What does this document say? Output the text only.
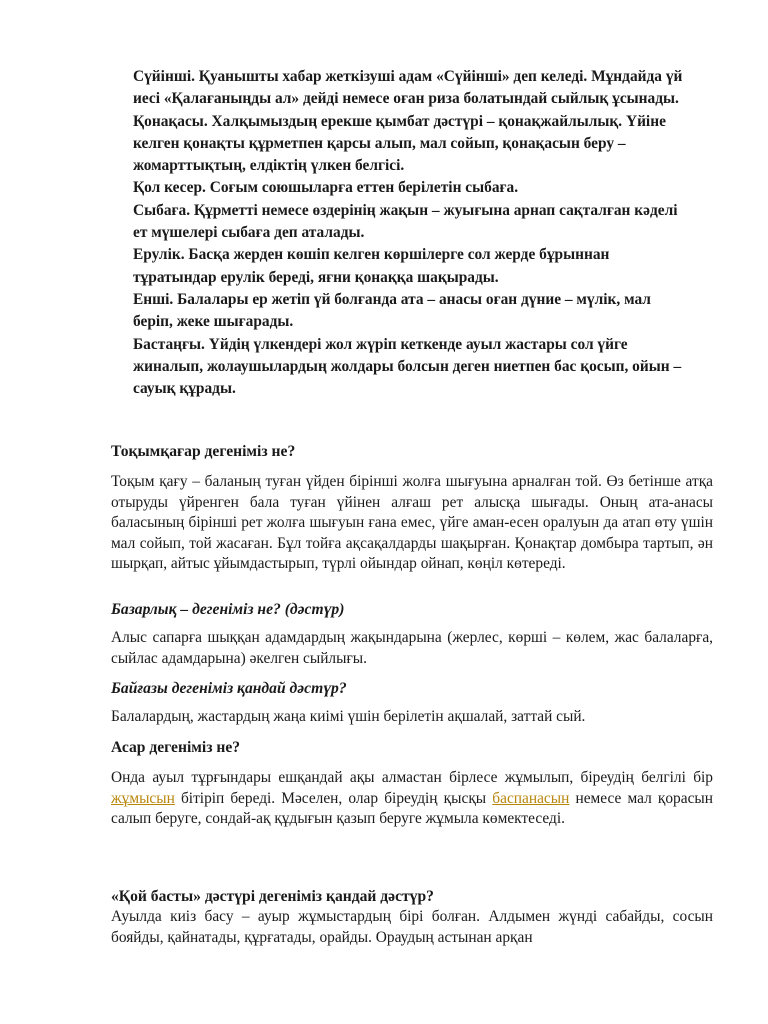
Сүйінші. Қуанышты хабар жеткізуші адам «Сүйінші» деп келеді. Мұндайда үй иесі «Қалағаныңды ал» дейді немесе оған риза болатындай сыйлық ұсынады.

Қонақасы. Халқымыздың ерекше қымбат дәстүрі – қонақжайлылық. Үйіне келген қонақты құрметпен қарсы алып, мал сойып, қонақасын беру – жомарттықтың, елдіктің үлкен белгісі.

Қол кесер. Соғым союшыларға еттен берілетін сыбаға.

Сыбаға. Құрметті немесе өздерінің жақын – жуығына арнап сақталған кәделі ет мүшелері сыбаға деп аталады.

Ерулік. Басқа жерден көшіп келген көршілерге сол жерде бұрыннан тұратындар ерулік береді, яғни қонаққа шақырады.

Енші. Балалары ер жетіп үй болғанда ата – анасы оған дүние – мүлік, мал беріп, жеке шығарады.

Бастаңғы. Үйдің үлкендері жол жүріп кеткенде ауыл жастары сол үйге жиналып, жолаушылардың жолдары болсын деген ниетпен бас қосып, ойын – сауық құрады.

Тоқымқағар дегеніміз не?

Тоқым қағу – баланың туған үйден бірінші жолға шығуына арналған той. Өз бетінше атқа отыруды үйренген бала туған үйінен алғаш рет алысқа шығады. Оның ата-анасы баласының бірінші рет жолға шығуын ғана емес, үйге аман-есен оралуын да атап өту үшін мал сойып, той жасаған. Бұл тойға ақсақалдарды шақырған. Қонақтар домбыра тартып, ән шырқап, айтыс ұйымдастырып, түрлі ойындар ойнап, көңіл көтереді.

Базарлық – дегеніміз не? (дәстүр)

Алыс сапарға шыққан адамдардың жақындарына (жерлес, көрші – көлем, жас балаларға, сыйлас адамдарына) әкелген сыйлығы.

Байғазы дегеніміз қандай дәстүр?

Балалардың, жастардың жаңа киімі үшін берілетін ақшалай, заттай сый.

Асар дегеніміз не?

Онда ауыл тұрғындары ешқандай ақы алмастан бірлесе жұмылып, біреудің белгілі бір жұмысын бітіріп береді. Мәселен, олар біреудің қысқы баспанасын немесе мал қорасын салып беруге, сондай-ақ құдығын қазып беруге жұмыла көмектеседі.

«Қой басты» дәстүрі дегеніміз қандай дәстүр?

Ауылда киіз басу – ауыр жұмыстардың бірі болған. Алдымен жүнді сабайды, сосын бояйды, қайнатады, құрғатады, орайды. Ораудың астынан арқан
